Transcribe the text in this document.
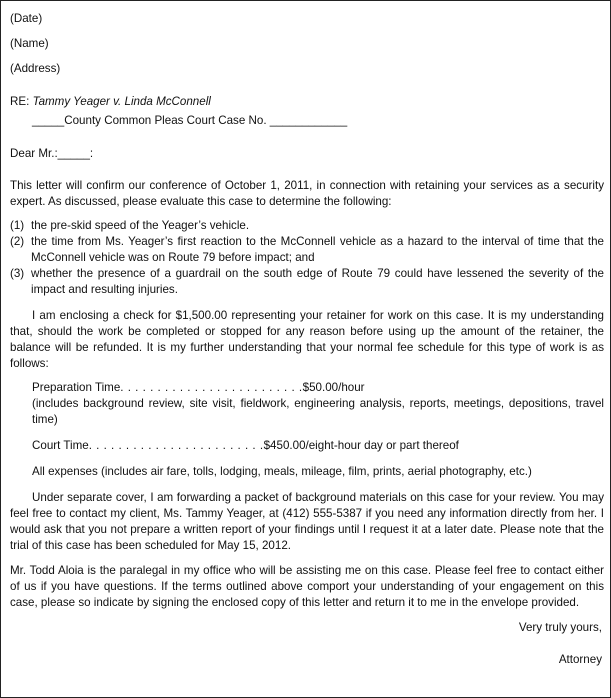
(Date)
(Name)
(Address)
RE: Tammy Yeager v. Linda McConnell
_____County Common Pleas Court Case No. ____________
Dear Mr.:_____:
This letter will confirm our conference of October 1, 2011, in connection with retaining your services as a security expert. As discussed, please evaluate this case to determine the following:
(1) the pre-skid speed of the Yeager’s vehicle.
(2) the time from Ms. Yeager’s first reaction to the McConnell vehicle as a hazard to the interval of time that the McConnell vehicle was on Route 79 before impact; and
(3) whether the presence of a guardrail on the south edge of Route 79 could have lessened the severity of the impact and resulting injuries.
I am enclosing a check for $1,500.00 representing your retainer for work on this case. It is my understanding that, should the work be completed or stopped for any reason before using up the amount of the retainer, the balance will be refunded. It is my further understanding that your normal fee schedule for this type of work is as follows:
Preparation Time. . . . . . . . . . . . . . . . . . . . . . . . .$50.00/hour
(includes background review, site visit, fieldwork, engineering analysis, reports, meetings, depositions, travel time)
Court Time. . . . . . . . . . . . . . . . . . . . . . . .$450.00/eight-hour day or part thereof
All expenses (includes air fare, tolls, lodging, meals, mileage, film, prints, aerial photography, etc.)
Under separate cover, I am forwarding a packet of background materials on this case for your review. You may feel free to contact my client, Ms. Tammy Yeager, at (412) 555-5387 if you need any information directly from her. I would ask that you not prepare a written report of your findings until I request it at a later date. Please note that the trial of this case has been scheduled for May 15, 2012.
Mr. Todd Aloia is the paralegal in my office who will be assisting me on this case. Please feel free to contact either of us if you have questions. If the terms outlined above comport your understanding of your engagement on this case, please so indicate by signing the enclosed copy of this letter and return it to me in the envelope provided.
Very truly yours,
Attorney
